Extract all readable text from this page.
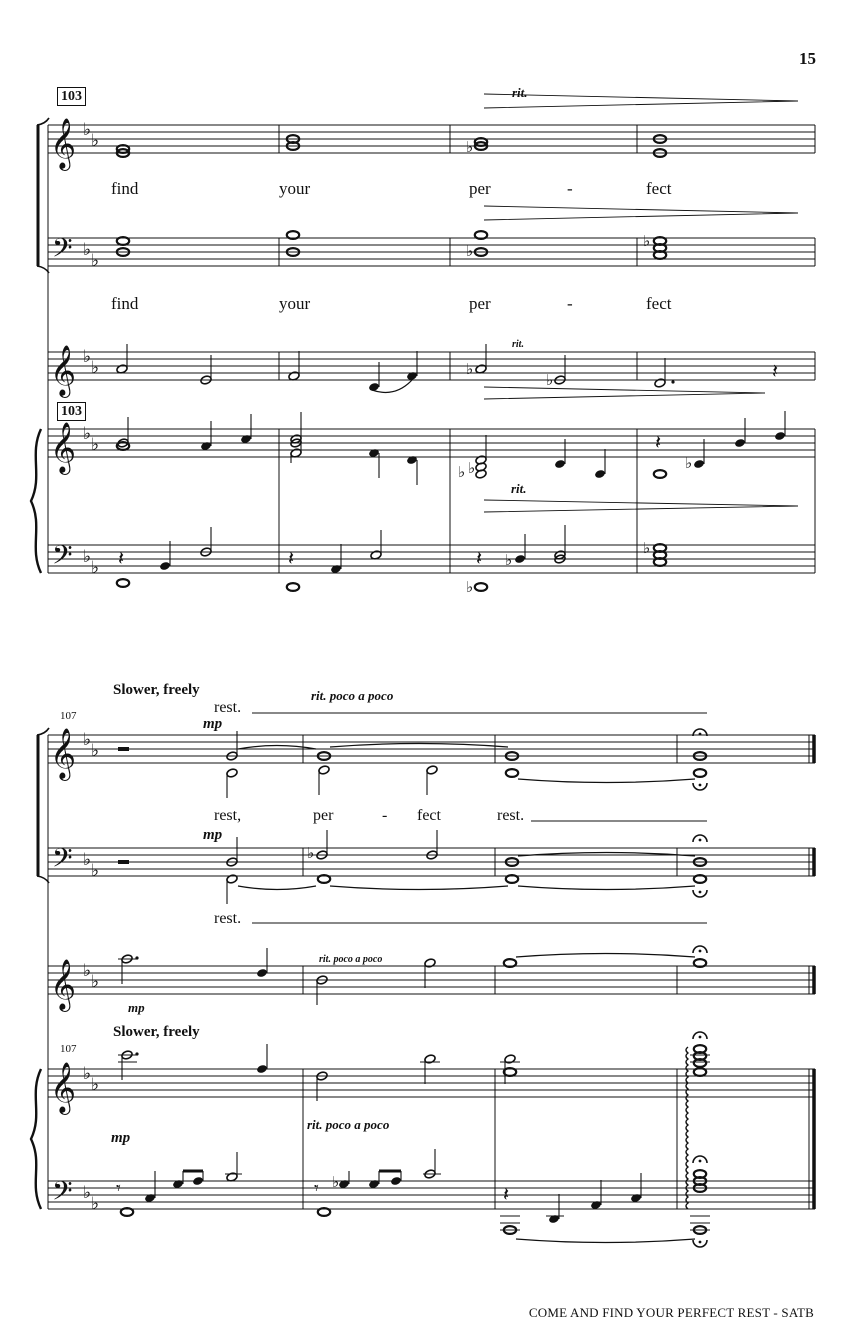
15
103	rit.
find	your	per	-	fect
find	your	per	-	fect
rit.
103
rit.
Slower, freely	rit. poco a poco
rest.
107	mp
rest,	per	- fect	rest.
mp
rest.
rit. poco a poco
mp
Slower, freely
107
rit. poco a poco
mp
COME AND FIND YOUR PERFECT REST - SATB
𝄞 ♭
♭
𝄢 ♭
♭
𝄞 ♭
♭
𝄞 ♭
♭
𝄢 ♭
♭
♭
♭
♭
♭
♭	𝄽
♭
♭
𝄽
♭
𝄽	𝄽	𝄽 ♭
♭
♭
𝄞 ♭
♭
𝄢 ♭
♭
𝄞 ♭
♭
𝄞 ♭
♭
𝄢 ♭
♭
♭
𝄾	𝄾 ♭	𝄽
